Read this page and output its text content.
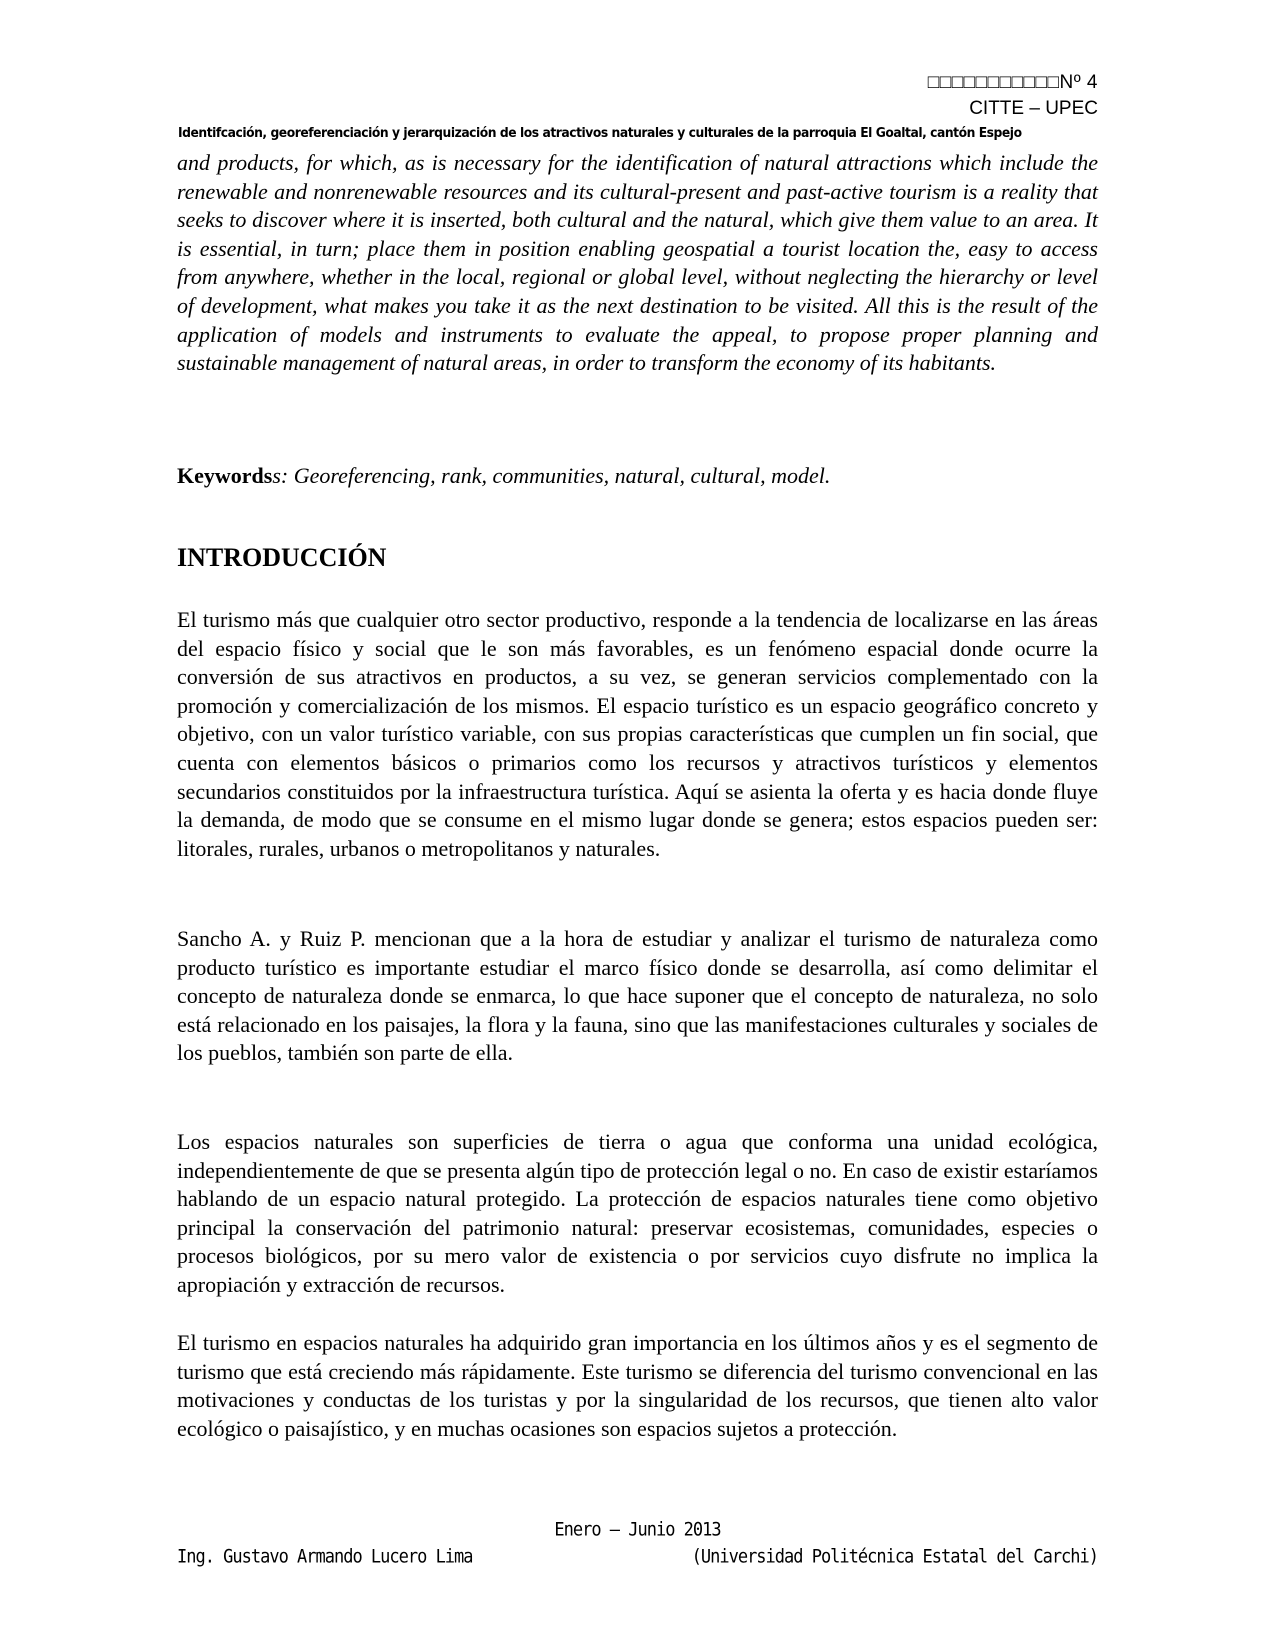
□□□□□□□□□□□Nº 4
CITTE – UPEC
Identifcación, georeferenciación y jerarquización de los atractivos naturales y culturales de la parroquia El Goaltal, cantón Espejo

and products, for which, as is necessary for the identification of natural attractions which include the renewable and nonrenewable resources and its cultural-present and past-active tourism is a reality that seeks to discover where it is inserted, both cultural and the natural, which give them value to an area. It is essential, in turn; place them in position enabling geospatial a tourist location the, easy to access from anywhere, whether in the local, regional or global level, without neglecting the hierarchy or level of development, what makes you take it as the next destination to be visited. All this is the result of the application of models and instruments to evaluate the appeal, to propose proper planning and sustainable management of natural areas, in order to transform the economy of its habitants.

Keywordss: Georeferencing, rank, communities, natural, cultural, model.

INTRODUCCIÓN

El turismo más que cualquier otro sector productivo, responde a la tendencia de localizarse en las áreas del espacio físico y social que le son más favorables, es un fenómeno espacial donde ocurre la conversión de sus atractivos en productos, a su vez, se generan servicios complementado con la promoción y comercialización de los mismos. El espacio turístico es un espacio geográfico concreto y objetivo, con un valor turístico variable, con sus propias características que cumplen un fin social, que cuenta con elementos básicos o primarios como los recursos y atractivos turísticos y elementos secundarios constituidos por la infraestructura turística. Aquí se asienta la oferta y es hacia donde fluye la demanda, de modo que se consume en el mismo lugar donde se genera; estos espacios pueden ser: litorales, rurales, urbanos o metropolitanos y naturales.

Sancho A. y Ruiz P. mencionan que a la hora de estudiar y analizar el turismo de naturaleza como producto turístico es importante estudiar el marco físico donde se desarrolla, así como delimitar el concepto de naturaleza donde se enmarca, lo que hace suponer que el concepto de naturaleza, no solo está relacionado en los paisajes, la flora y la fauna, sino que las manifestaciones culturales y sociales de los pueblos, también son parte de ella.

Los espacios naturales son superficies de tierra o agua que conforma una unidad ecológica, independientemente de que se presenta algún tipo de protección legal o no. En caso de existir estaríamos hablando de un espacio natural protegido. La protección de espacios naturales tiene como objetivo principal la conservación del patrimonio natural: preservar ecosistemas, comunidades, especies o procesos biológicos, por su mero valor de existencia o por servicios cuyo disfrute no implica la apropiación y extracción de recursos.

El turismo en espacios naturales ha adquirido gran importancia en los últimos años y es el segmento de turismo que está creciendo más rápidamente. Este turismo se diferencia del turismo convencional en las motivaciones y conductas de los turistas y por la singularidad de los recursos, que tienen alto valor ecológico o paisajístico, y en muchas ocasiones son espacios sujetos a protección.

Enero – Junio 2013
Ing. Gustavo Armando Lucero Lima	(Universidad Politécnica Estatal del Carchi)
